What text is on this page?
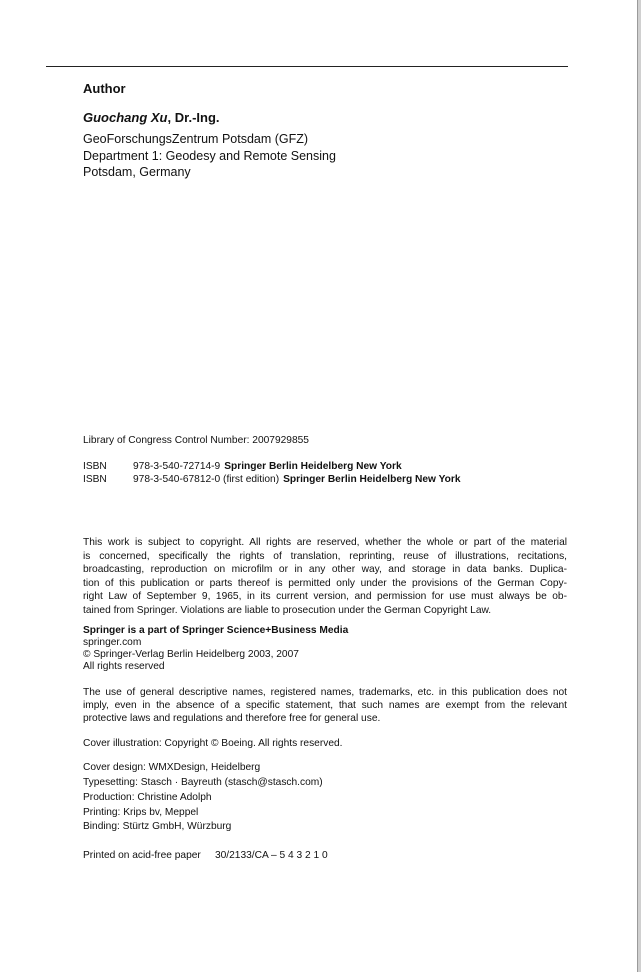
Author
Guochang Xu, Dr.-Ing.
GeoForschungsZentrum Potsdam (GFZ)
Department 1: Geodesy and Remote Sensing
Potsdam, Germany
Library of Congress Control Number: 2007929855
ISBN	978-3-540-72714-9 Springer Berlin Heidelberg New York
ISBN	978-3-540-67812-0 (first edition) Springer Berlin Heidelberg New York
This work is subject to copyright. All rights are reserved, whether the whole or part of the material
is concerned, specifically the rights of translation, reprinting, reuse of illustrations, recitations,
broadcasting, reproduction on microfilm or in any other way, and storage in data banks. Duplica-
tion of this publication or parts thereof is permitted only under the provisions of the German Copy-
right Law of September 9, 1965, in its current version, and permission for use must always be ob-
tained from Springer. Violations are liable to prosecution under the German Copyright Law.
Springer is a part of Springer Science+Business Media
springer.com
© Springer-Verlag Berlin Heidelberg 2003, 2007
All rights reserved
The use of general descriptive names, registered names, trademarks, etc. in this publication does not
imply, even in the absence of a specific statement, that such names are exempt from the relevant
protective laws and regulations and therefore free for general use.
Cover illustration: Copyright © Boeing. All rights reserved.
Cover design: WMXDesign, Heidelberg
Typesetting: Stasch · Bayreuth (stasch@stasch.com)
Production: Christine Adolph
Printing: Krips bv, Meppel
Binding: Stürtz GmbH, Würzburg
Printed on acid-free paper     30/2133/CA – 5 4 3 2 1 0
